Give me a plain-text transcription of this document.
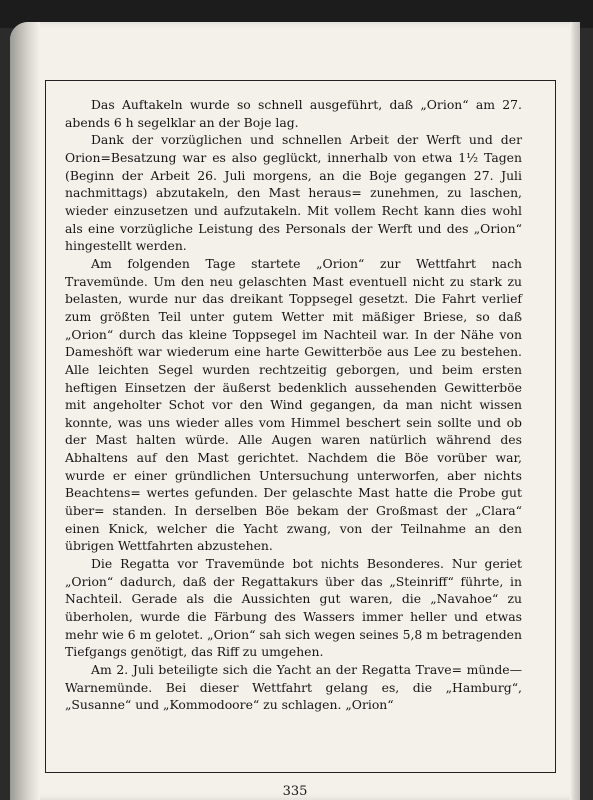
335

Das Auftakeln wurde so schnell ausgeführt, daß „Orion“ am 27. abends 6 h segelklar an der Boje lag.

Dank der vorzüglichen und schnellen Arbeit der Werft und der Orion=Besatzung war es also geglückt, innerhalb von etwa 1½ Tagen (Beginn der Arbeit 26. Juli morgens, an die Boje gegangen 27. Juli nachmittags) abzutakeln, den Mast heraus= zunehmen, zu laschen, wieder einzusetzen und aufzutakeln. Mit vollem Recht kann dies wohl als eine vorzügliche Leistung des Personals der Werft und des „Orion“ hingestellt werden.

Am folgenden Tage startete „Orion“ zur Wettfahrt nach Travemünde. Um den neu gelaschten Mast eventuell nicht zu stark zu belasten, wurde nur das dreikant Toppsegel gesetzt. Die Fahrt verlief zum größten Teil unter gutem Wetter mit mäßiger Briese, so daß „Orion“ durch das kleine Toppsegel im Nachteil war. In der Nähe von Dameshöft war wiederum eine harte Gewitterböe aus Lee zu bestehen. Alle leichten Segel wurden rechtzeitig geborgen, und beim ersten heftigen Einsetzen der äußerst bedenklich aussehenden Gewitterböe mit angeholter Schot vor den Wind gegangen, da man nicht wissen konnte, was uns wieder alles vom Himmel beschert sein sollte und ob der Mast halten würde. Alle Augen waren natürlich während des Abhaltens auf den Mast gerichtet. Nachdem die Böe vorüber war, wurde er einer gründlichen Untersuchung unterworfen, aber nichts Beachtens= wertes gefunden. Der gelaschte Mast hatte die Probe gut über= standen. In derselben Böe bekam der Großmast der „Clara“ einen Knick, welcher die Yacht zwang, von der Teilnahme an den übrigen Wettfahrten abzustehen.

Die Regatta vor Travemünde bot nichts Besonderes. Nur geriet „Orion“ dadurch, daß der Regattakurs über das „Steinriff“ führte, in Nachteil. Gerade als die Aussichten gut waren, die „Navahoe“ zu überholen, wurde die Färbung des Wassers immer heller und etwas mehr wie 6 m gelotet. „Orion“ sah sich wegen seines 5,8 m betragenden Tiefgangs genötigt, das Riff zu umgehen.

Am 2. Juli beteiligte sich die Yacht an der Regatta Trave= münde—Warnemünde. Bei dieser Wettfahrt gelang es, die „Hamburg“, „Susanne“ und „Kommodoore“ zu schlagen. „Orion“
